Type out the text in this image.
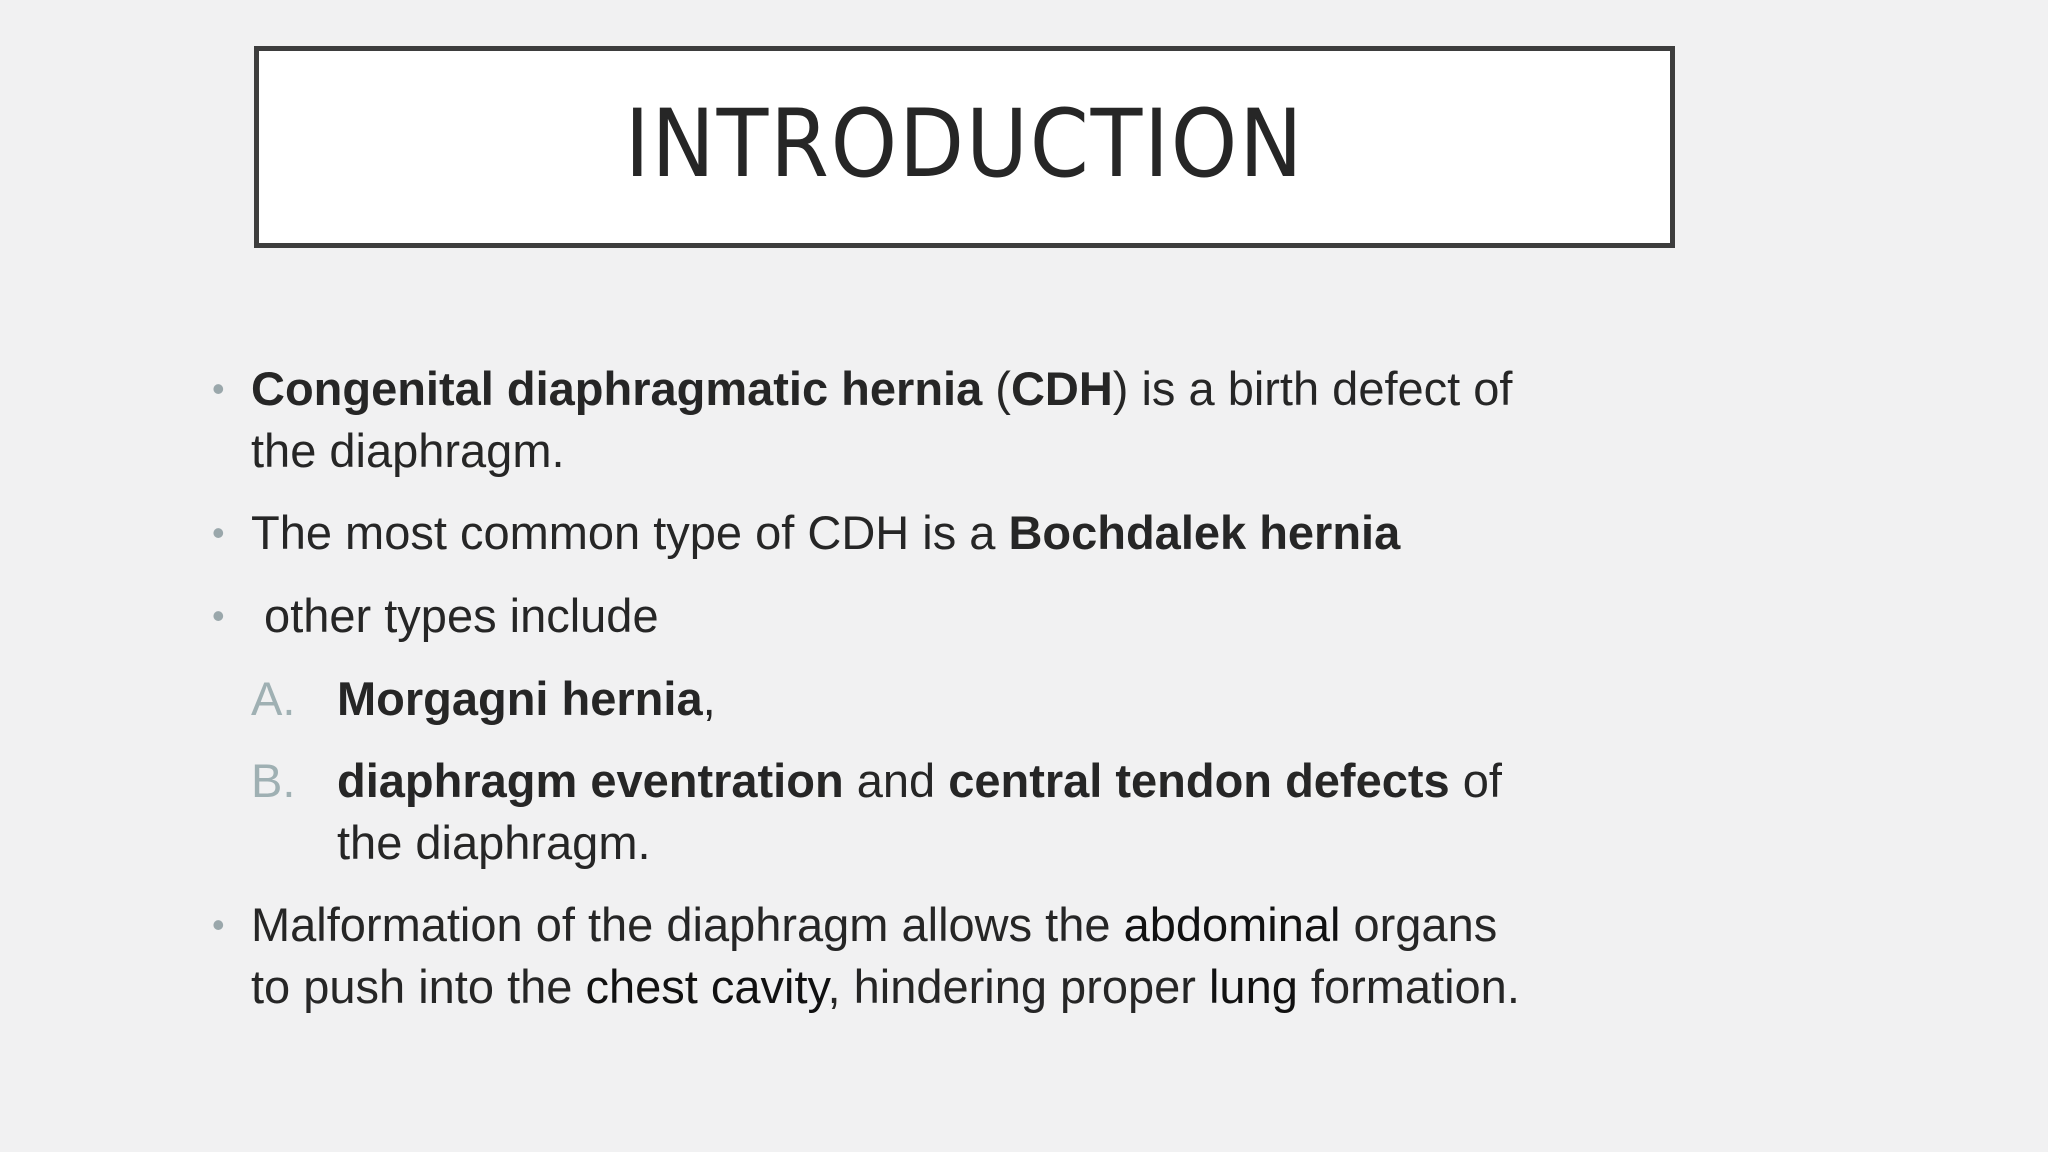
INTRODUCTION
• Congenital diaphragmatic hernia (CDH) is a birth defect of
the diaphragm.
• The most common type of CDH is a Bochdalek hernia
• other types include
A. Morgagni hernia,
B. diaphragm eventration and central tendon defects of
the diaphragm.
• Malformation of the diaphragm allows the abdominal organs
to push into the chest cavity, hindering proper lung formation.
